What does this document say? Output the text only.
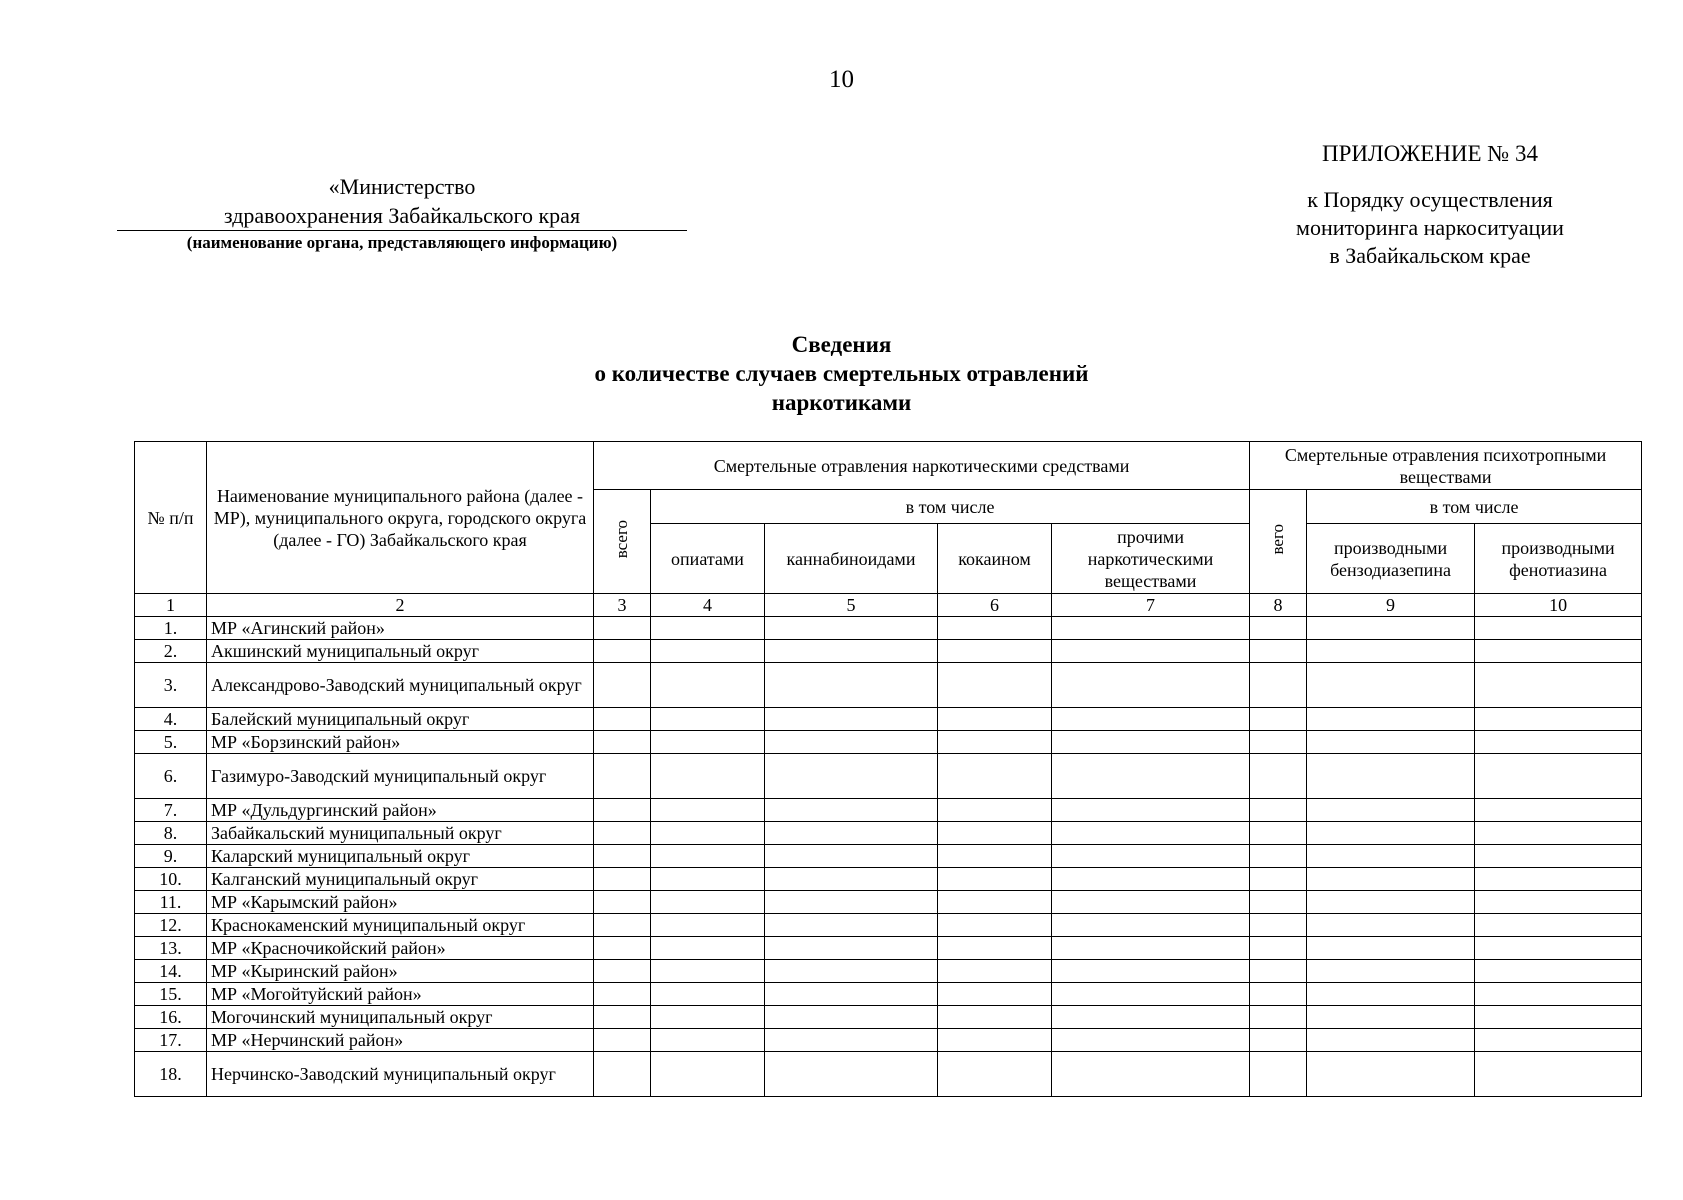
10
«Министерство
здравоохранения Забайкальского края
(наименование органа, представляющего информацию)
ПРИЛОЖЕНИЕ № 34
к Порядку осуществления
мониторинга наркоситуации
в Забайкальском крае
Сведения
о количестве случаев смертельных отравлений
наркотиками
№ п/п	Наименование муниципального района (далее - МР), муниципального округа, городского округа (далее - ГО) Забайкальского края	Смертельные отравления наркотическими средствами					Смертельные отравления психотропными веществами		
		всего	в том числе				вего	в том числе	
			опиатами	каннабиноидами	кокаином	прочими наркотическими веществами		производными бензодиазепина	производными фенотиазина
1	2	3	4	5	6	7	8	9	10
1.	МР «Агинский район»								
2.	Акшинский муниципальный округ								
3.	Александрово-Заводский муниципальный округ								
4.	Балейский муниципальный округ								
5.	МР «Борзинский район»								
6.	Газимуро-Заводский муниципальный округ								
7.	МР «Дульдургинский район»								
8.	Забайкальский муниципальный округ								
9.	Каларский муниципальный округ								
10.	Калганский муниципальный округ								
11.	МР «Карымский район»								
12.	Краснокаменский муниципальный округ								
13.	МР «Красночикойский район»								
14.	МР «Кыринский район»								
15.	МР «Могойтуйский район»								
16.	Могочинский муниципальный округ								
17.	МР «Нерчинский район»								
18.	Нерчинско-Заводский муниципальный округ								
